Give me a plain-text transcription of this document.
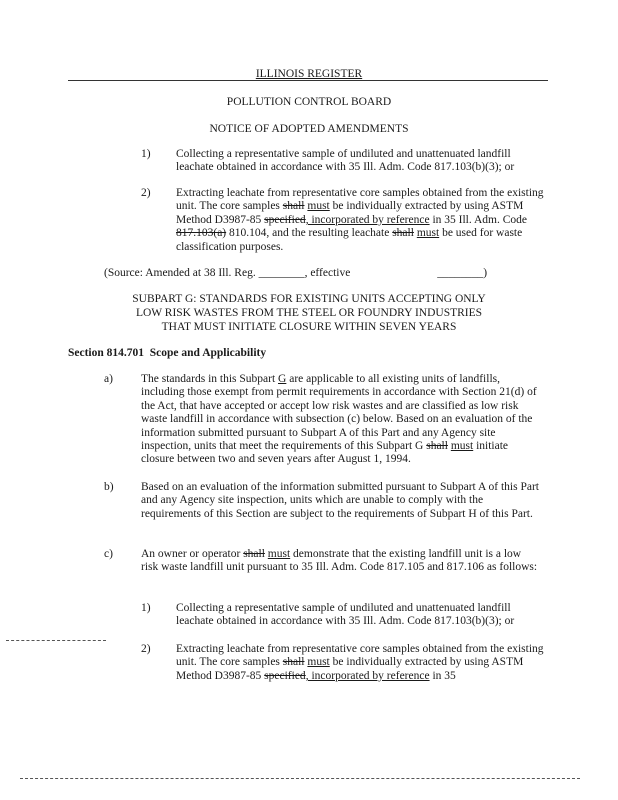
ILLINOIS REGISTER
POLLUTION CONTROL BOARD
NOTICE OF ADOPTED AMENDMENTS
1) Collecting a representative sample of undiluted and unattenuated landfill leachate obtained in accordance with 35 Ill. Adm. Code 817.103(b)(3); or
2) Extracting leachate from representative core samples obtained from the existing unit. The core samples shall must be individually extracted by using ASTM Method D3987-85 specified, incorporated by reference in 35 Ill. Adm. Code 817.103(a) 810.104, and the resulting leachate shall must be used for waste classification purposes.
(Source: Amended at 38 Ill. Reg. ________, effective	________)
SUBPART G: STANDARDS FOR EXISTING UNITS ACCEPTING ONLY
LOW RISK WASTES FROM THE STEEL OR FOUNDRY INDUSTRIES
THAT MUST INITIATE CLOSURE WITHIN SEVEN YEARS
Section 814.701 Scope and Applicability
a) The standards in this Subpart G are applicable to all existing units of landfills, including those exempt from permit requirements in accordance with Section 21(d) of the Act, that have accepted or accept low risk wastes and are classified as low risk waste landfill in accordance with subsection (c) below. Based on an evaluation of the information submitted pursuant to Subpart A of this Part and any Agency site inspection, units that meet the requirements of this Subpart G shall must initiate closure between two and seven years after August 1, 1994.
b) Based on an evaluation of the information submitted pursuant to Subpart A of this Part and any Agency site inspection, units which are unable to comply with the requirements of this Section are subject to the requirements of Subpart H of this Part.
c) An owner or operator shall must demonstrate that the existing landfill unit is a low risk waste landfill unit pursuant to 35 Ill. Adm. Code 817.105 and 817.106 as follows:
1) Collecting a representative sample of undiluted and unattenuated landfill leachate obtained in accordance with 35 Ill. Adm. Code 817.103(b)(3); or
2) Extracting leachate from representative core samples obtained from the existing unit. The core samples shall must be individually extracted by using ASTM Method D3987-85 specified, incorporated by reference in 35
